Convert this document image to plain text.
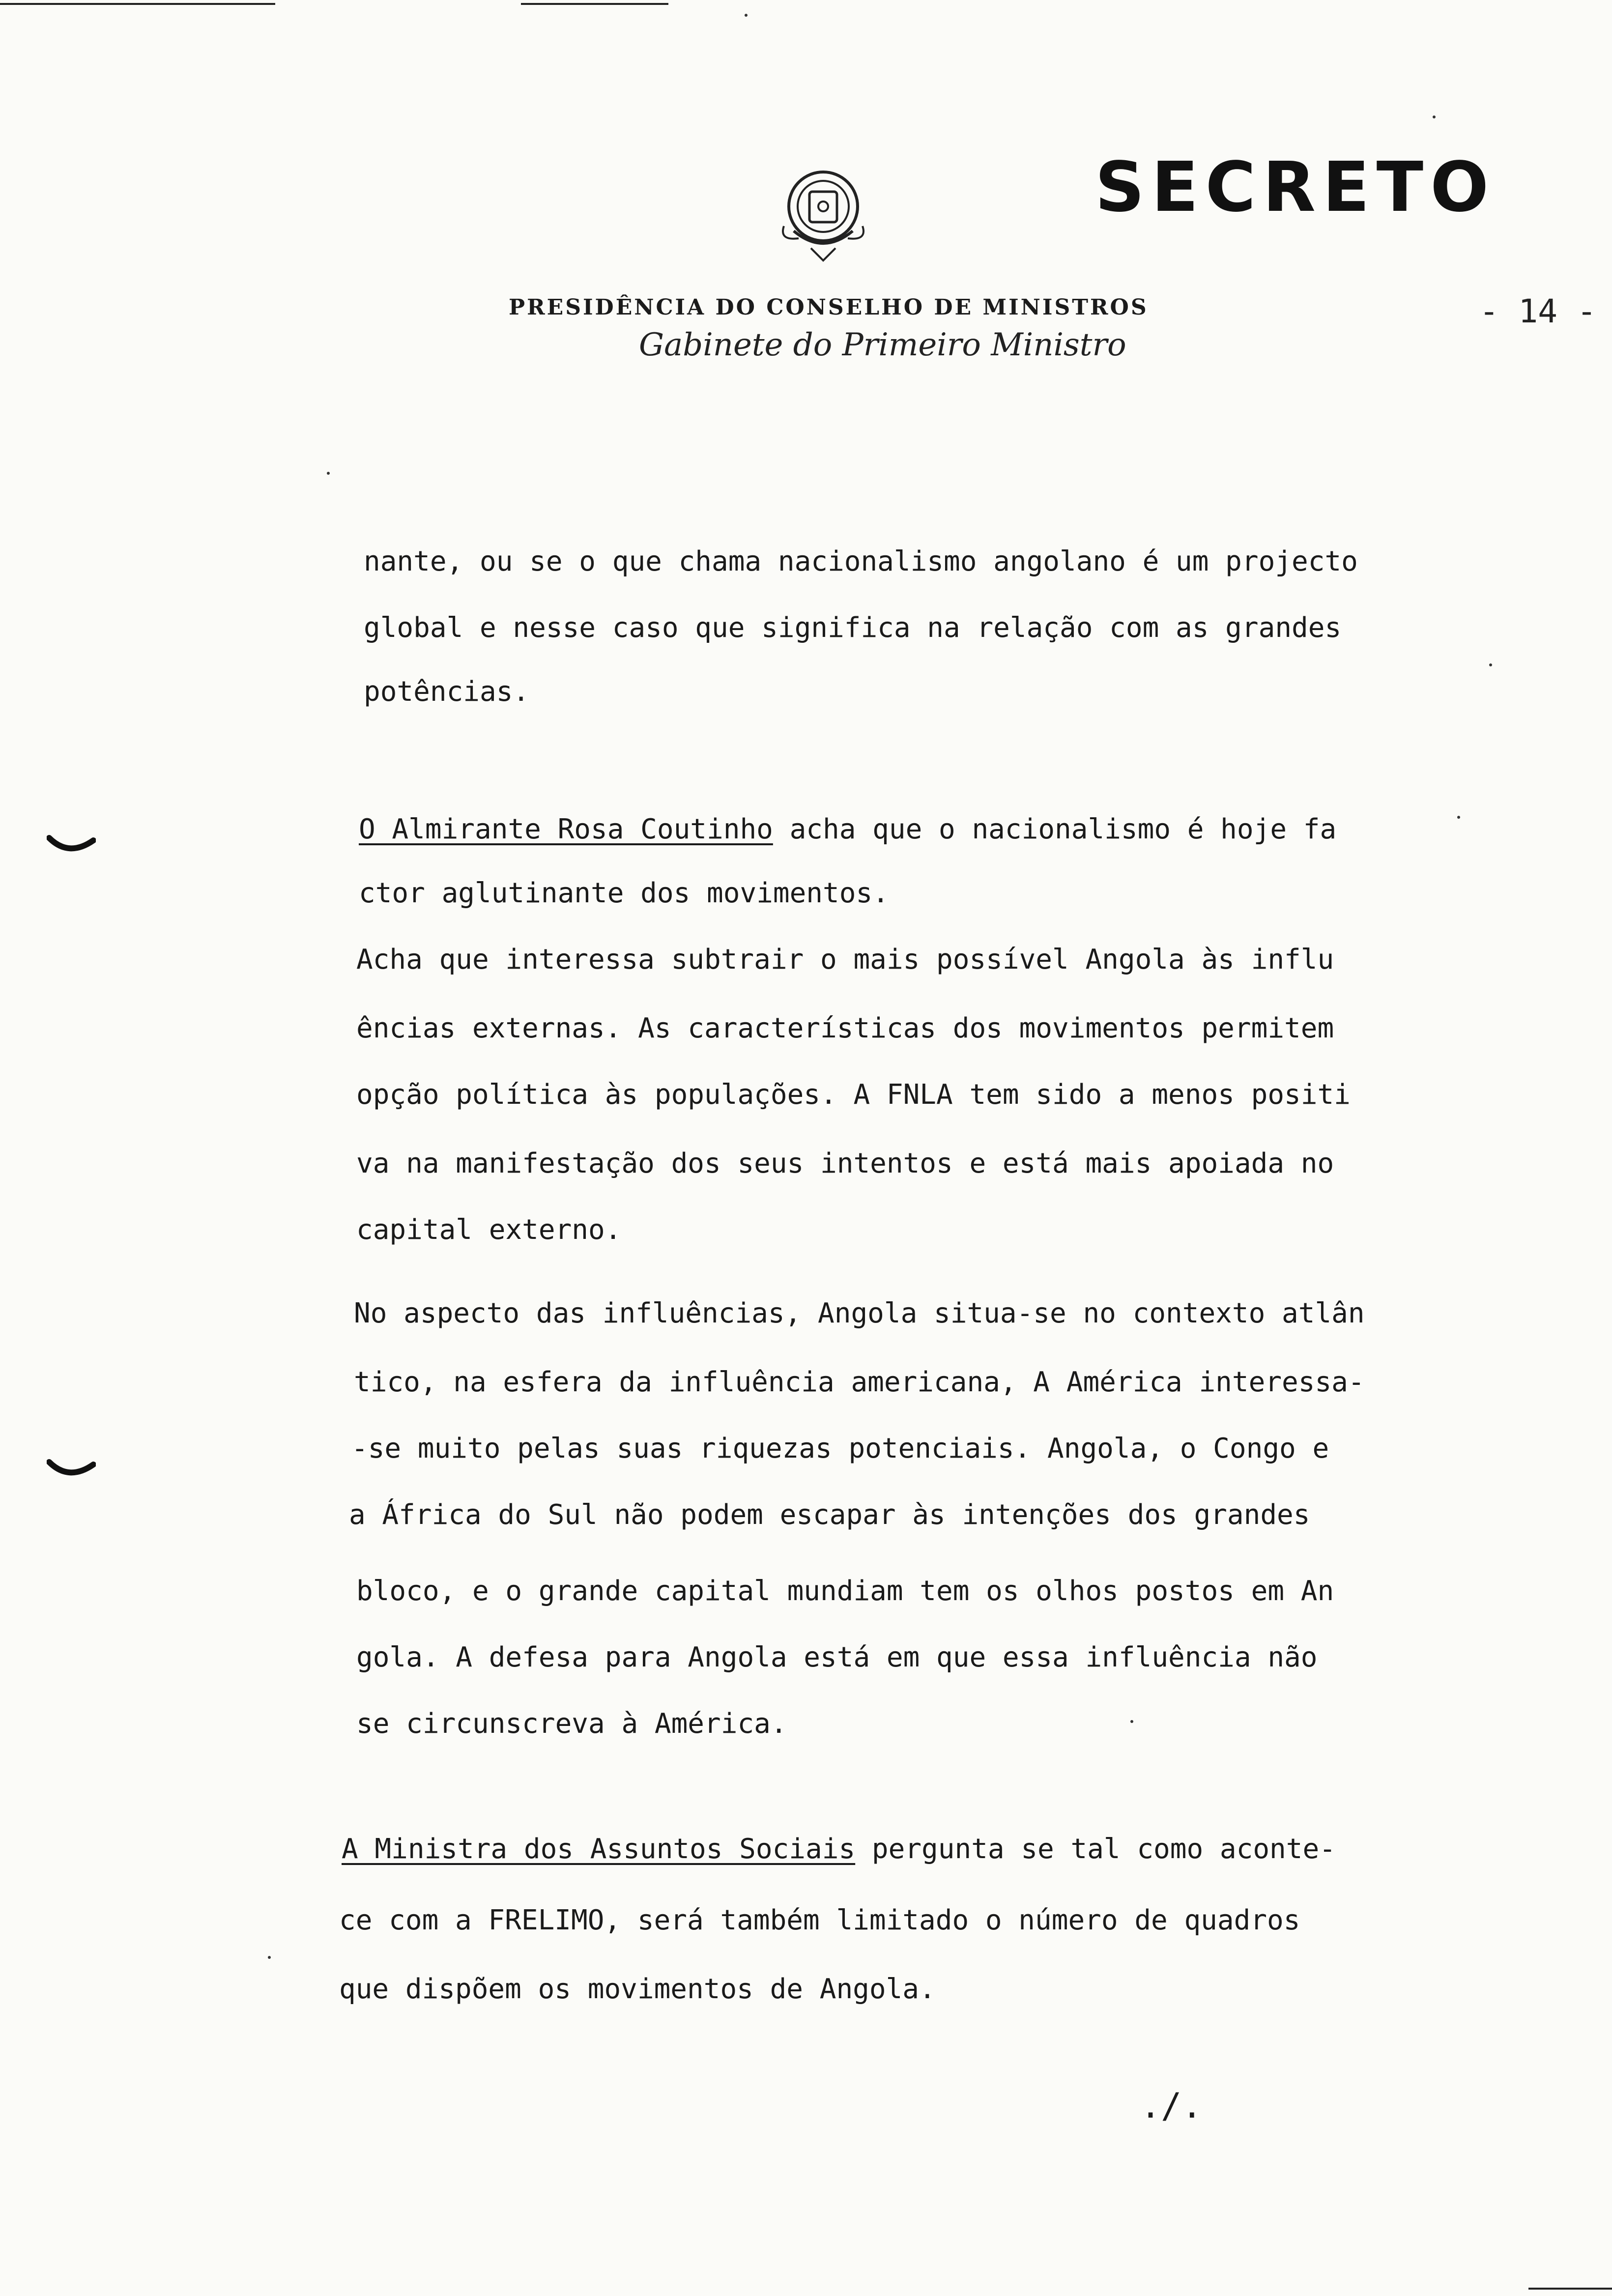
SECRETO
- 14 -
PRESIDÊNCIA DO CONSELHO DE MINISTROS
Gabinete do Primeiro Ministro
nante, ou se o que chama nacionalismo angolano é um projecto
global e nesse caso que significa na relação com as grandes
potências.
O Almirante Rosa Coutinho acha que o nacionalismo é hoje fa
ctor aglutinante dos movimentos.
Acha que interessa subtrair o mais possível Angola às influ
ências externas. As características dos movimentos permitem
opção política às populações. A FNLA tem sido a menos positi
va na manifestação dos seus intentos e está mais apoiada no
capital externo.
No aspecto das influências, Angola situa-se no contexto atlân
tico, na esfera da influência americana, A América interessa-
-se muito pelas suas riquezas potenciais. Angola, o Congo e
a África do Sul não podem escapar às intenções dos grandes
bloco, e o grande capital mundiam tem os olhos postos em An
gola. A defesa para Angola está em que essa influência não
se circunscreva à América.
A Ministra dos Assuntos Sociais pergunta se tal como aconte-
ce com a FRELIMO, será também limitado o número de quadros
que dispõem os movimentos de Angola.
./.
